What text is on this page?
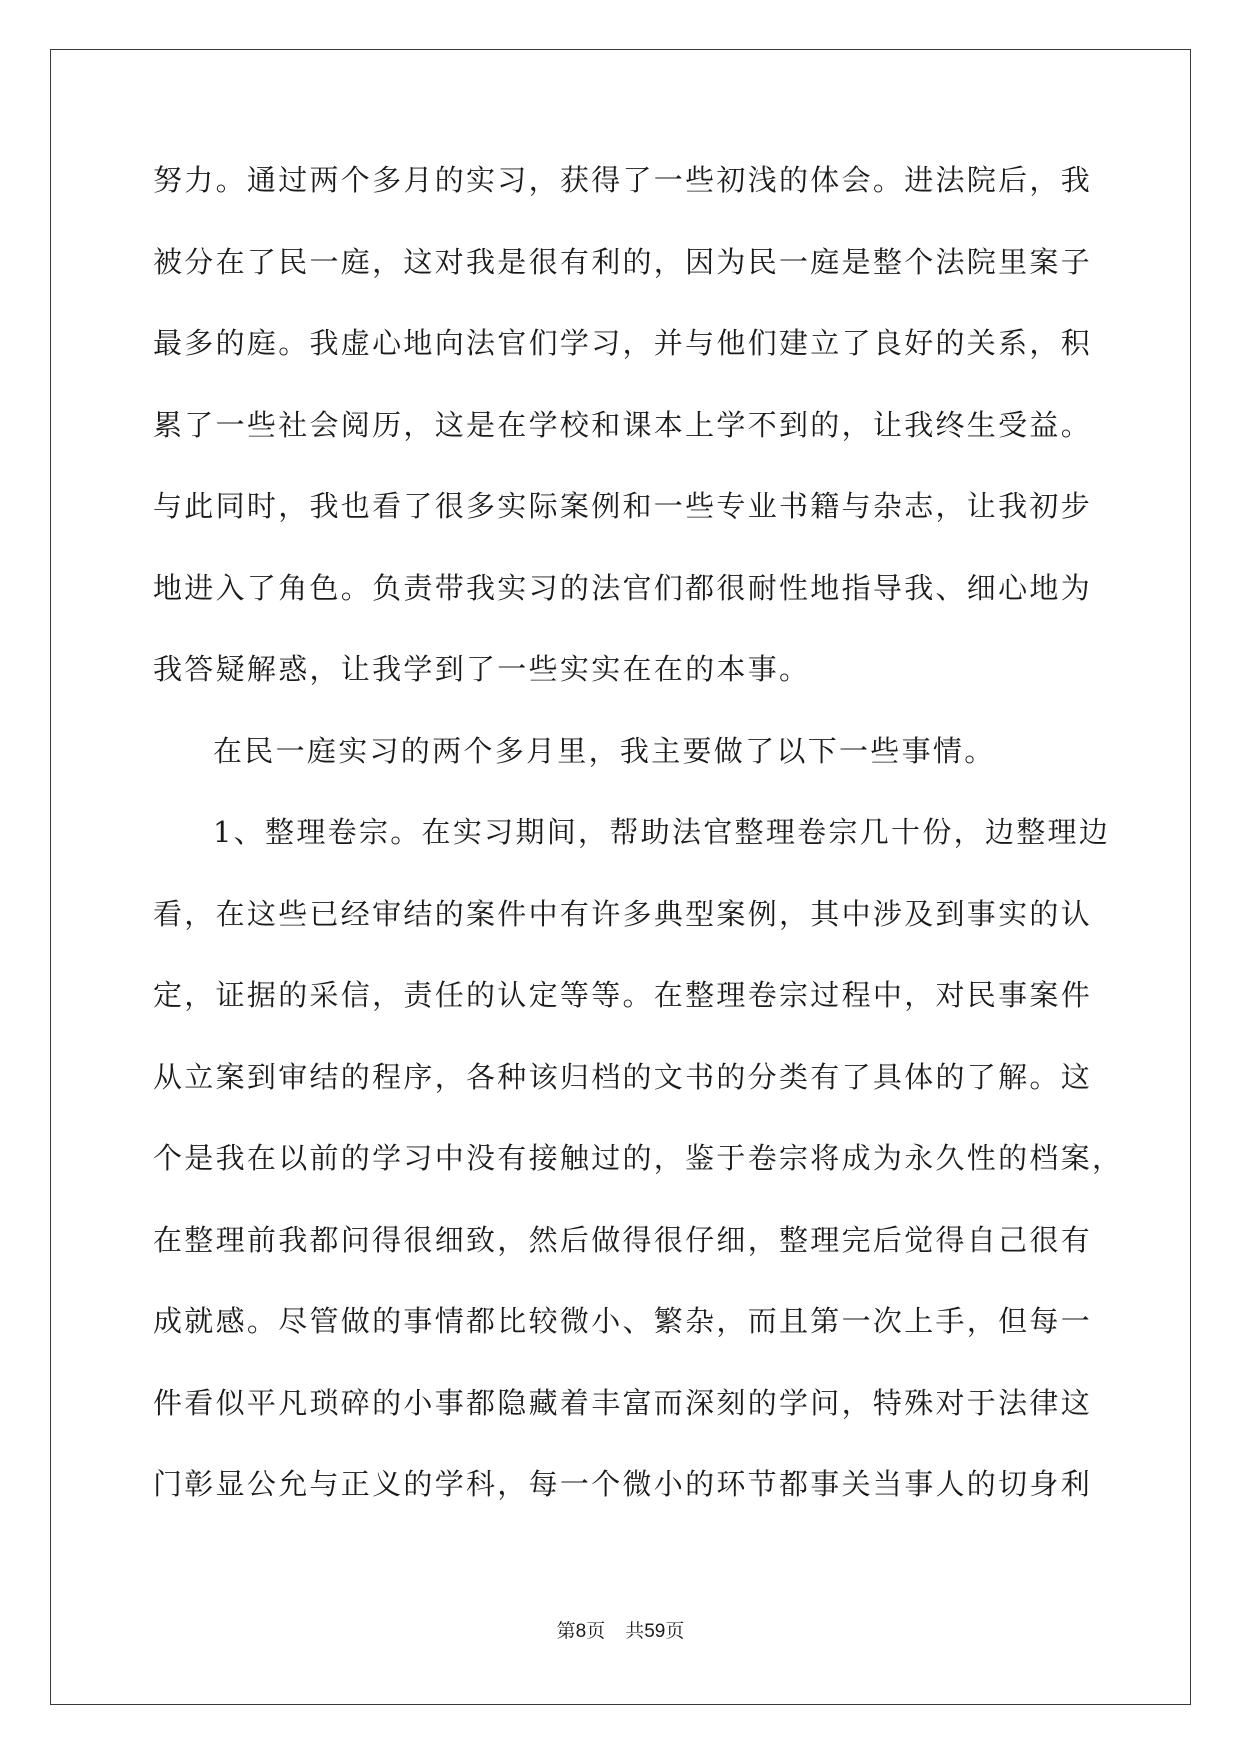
努力。通过两个多月的实习，获得了一些初浅的体会。进法院后，我
被分在了民一庭，这对我是很有利的，因为民一庭是整个法院里案子
最多的庭。我虚心地向法官们学习，并与他们建立了良好的关系，积
累了一些社会阅历，这是在学校和课本上学不到的，让我终生受益。
与此同时，我也看了很多实际案例和一些专业书籍与杂志，让我初步
地进入了角色。负责带我实习的法官们都很耐性地指导我、细心地为
我答疑解惑，让我学到了一些实实在在的本事。
在民一庭实习的两个多月里，我主要做了以下一些事情。
1、整理卷宗。在实习期间，帮助法官整理卷宗几十份，边整理边
看，在这些已经审结的案件中有许多典型案例，其中涉及到事实的认
定，证据的采信，责任的认定等等。在整理卷宗过程中，对民事案件
从立案到审结的程序，各种该归档的文书的分类有了具体的了解。这
个是我在以前的学习中没有接触过的，鉴于卷宗将成为永久性的档案，
在整理前我都问得很细致，然后做得很仔细，整理完后觉得自己很有
成就感。尽管做的事情都比较微小、繁杂，而且第一次上手，但每一
件看似平凡琐碎的小事都隐藏着丰富而深刻的学问，特殊对于法律这
门彰显公允与正义的学科，每一个微小的环节都事关当事人的切身利
第8页 共59页
